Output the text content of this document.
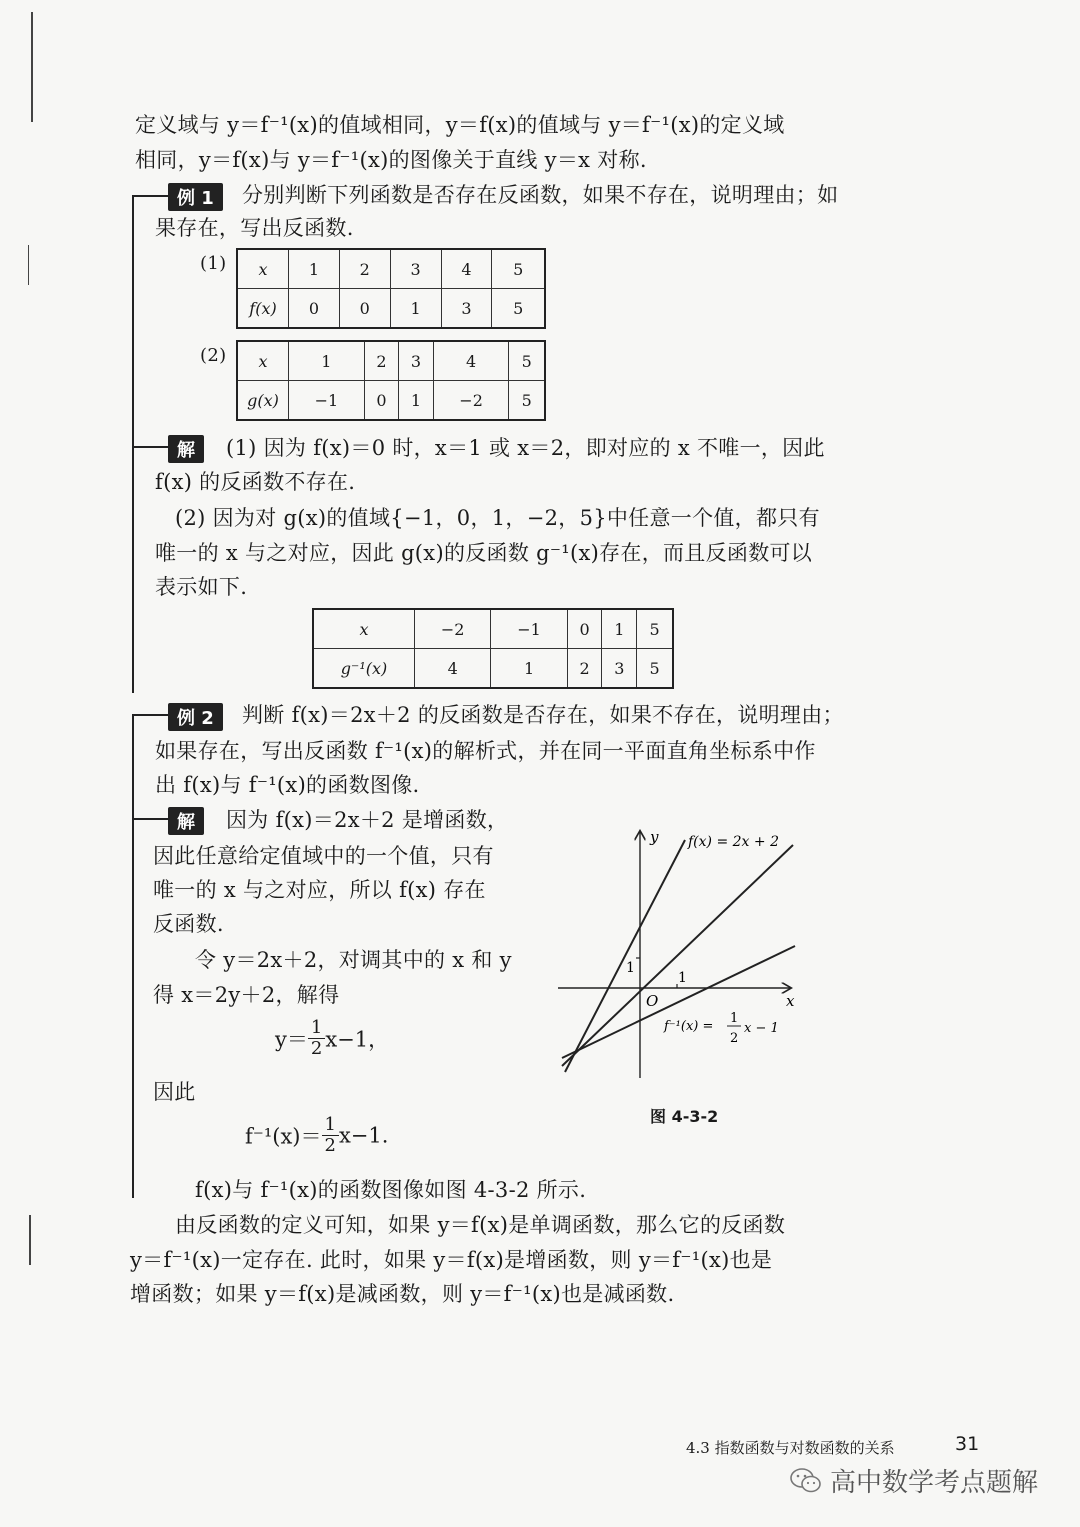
定义域与 y＝f⁻¹(x)的值域相同，y＝f(x)的值域与 y＝f⁻¹(x)的定义域
相同，y＝f(x)与 y＝f⁻¹(x)的图像关于直线 y＝x 对称.
例 1	分别判断下列函数是否存在反函数，如果不存在，说明理由；如
果存在，写出反函数.
(1) x	1	2	3	4	5
f(x)	0	0	1	3	5
(2) x	1	2	3	4	5
g(x)	−1	0	1	−2	5
解	(1) 因为 f(x)＝0 时，x＝1 或 x＝2，即对应的 x 不唯一，因此
f(x) 的反函数不存在.
(2) 因为对 g(x)的值域{−1，0，1，−2，5}中任意一个值，都只有
唯一的 x 与之对应，因此 g(x)的反函数 g⁻¹(x)存在，而且反函数可以
表示如下.
x	−2	−1	0	1	5
g⁻¹(x)	4	1	2	3	5
例 2	判断 f(x)＝2x＋2 的反函数是否存在，如果不存在，说明理由；
如果存在，写出反函数 f⁻¹(x)的解析式，并在同一平面直角坐标系中作
出 f(x)与 f⁻¹(x)的函数图像.
解	因为 f(x)＝2x＋2 是增函数，
因此任意给定值域中的一个值，只有
唯一的 x 与之对应，所以 f(x) 存在
反函数.
令 y＝2x＋2，对调其中的 x 和 y
得 x＝2y＋2，解得
$y= \frac{1}{2} x-1$，
因此
$f^{-1}(x)= \frac{1}{2} x-1$.
f(x)与 f⁻¹(x)的函数图像如图 4-3-2 所示.
y
x
O
1
1
f(x) = 2x + 2
f⁻¹(x) =
1
2
x − 1
图 4-3-2
由反函数的定义可知，如果 y＝f(x)是单调函数，那么它的反函数
y＝f⁻¹(x)一定存在. 此时，如果 y＝f(x)是增函数，则 y＝f⁻¹(x)也是
增函数；如果 y＝f(x)是减函数，则 y＝f⁻¹(x)也是减函数.
4.3 指数函数与对数函数的关系	31
高中数学考点题解
